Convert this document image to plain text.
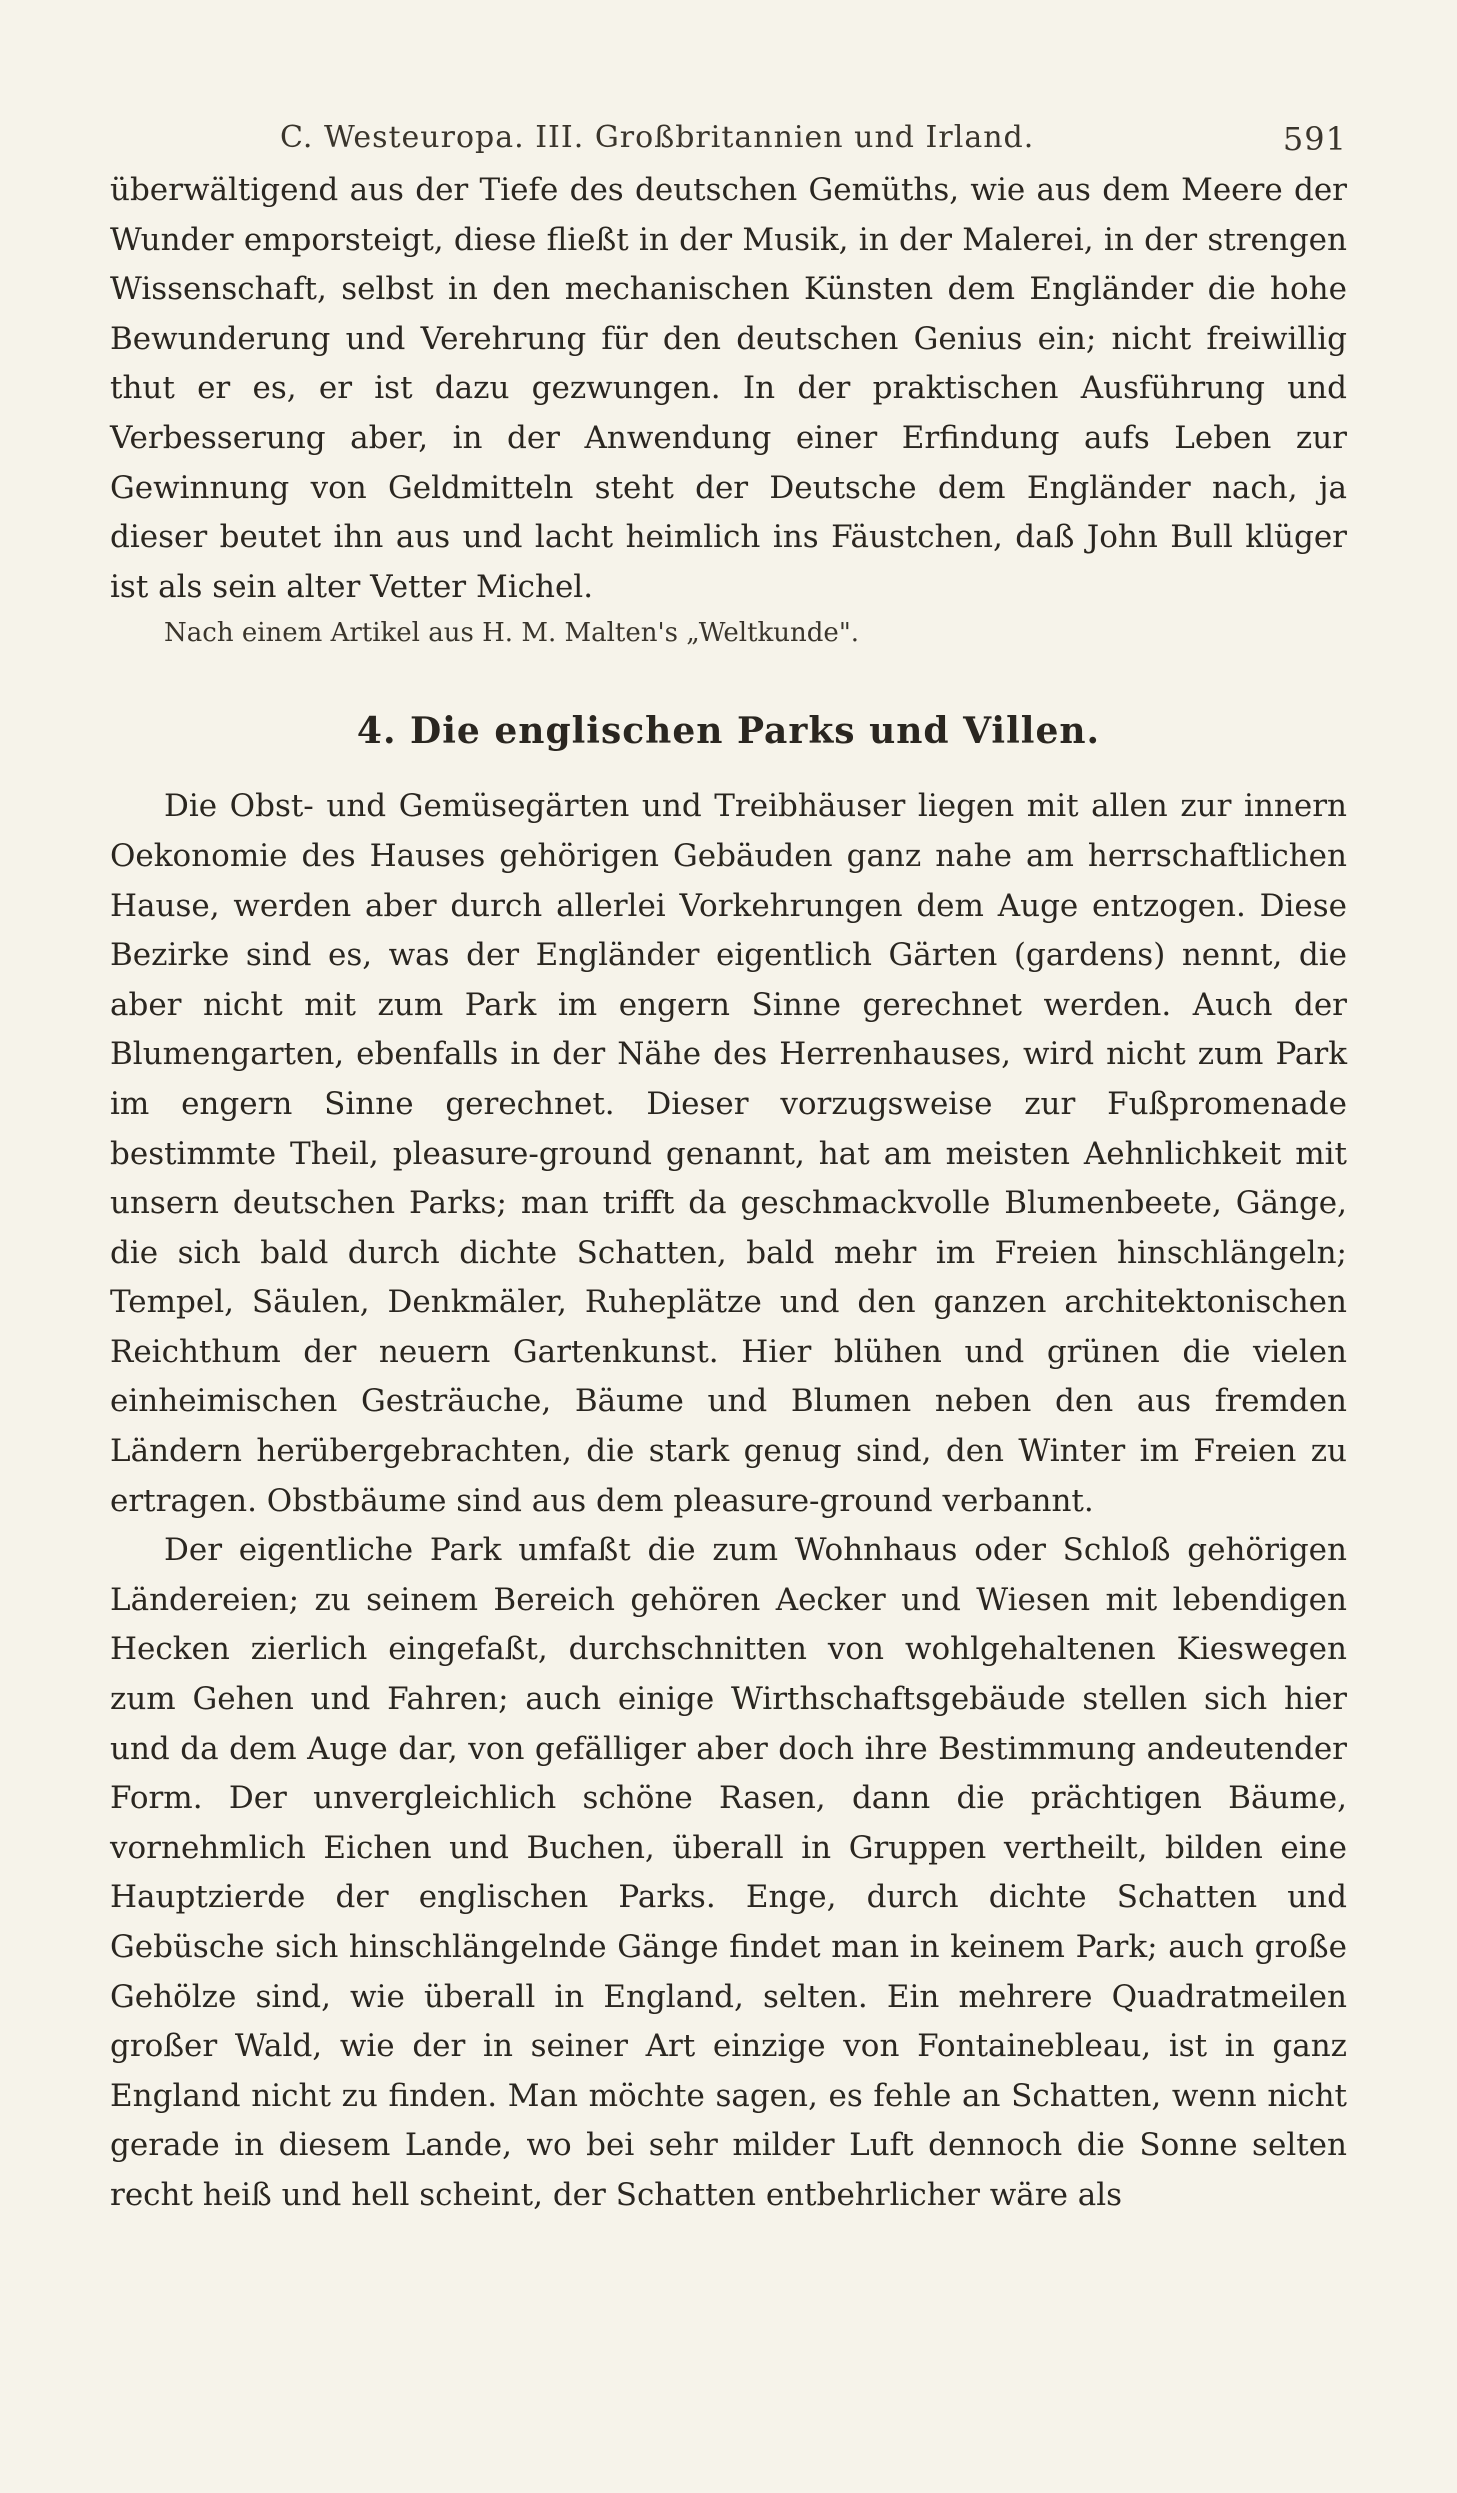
C. Westeuropa. III. Großbritannien und Irland.	591

überwältigend aus der Tiefe des deutschen Gemüths, wie aus dem Meere der Wunder emporsteigt, diese fließt in der Musik, in der Malerei, in der strengen Wissenschaft, selbst in den mechanischen Künsten dem Engländer die hohe Bewunderung und Verehrung für den deutschen Genius ein; nicht freiwillig thut er es, er ist dazu gezwungen. In der praktischen Ausführung und Verbesserung aber, in der Anwendung einer Erfindung aufs Leben zur Gewinnung von Geldmitteln steht der Deutsche dem Engländer nach, ja dieser beutet ihn aus und lacht heimlich ins Fäustchen, daß John Bull klüger ist als sein alter Vetter Michel.

Nach einem Artikel aus H. M. Malten's „Weltkunde".
4. Die englischen Parks und Villen.

Die Obst- und Gemüsegärten und Treibhäuser liegen mit allen zur innern Oekonomie des Hauses gehörigen Gebäuden ganz nahe am herrschaftlichen Hause, werden aber durch allerlei Vorkehrungen dem Auge entzogen. Diese Bezirke sind es, was der Engländer eigentlich Gärten (gardens) nennt, die aber nicht mit zum Park im engern Sinne gerechnet werden. Auch der Blumengarten, ebenfalls in der Nähe des Herrenhauses, wird nicht zum Park im engern Sinne gerechnet. Dieser vorzugsweise zur Fußpromenade bestimmte Theil, pleasure-ground genannt, hat am meisten Aehnlichkeit mit unsern deutschen Parks; man trifft da geschmackvolle Blumenbeete, Gänge, die sich bald durch dichte Schatten, bald mehr im Freien hinschlängeln; Tempel, Säulen, Denkmäler, Ruheplätze und den ganzen architektonischen Reichthum der neuern Gartenkunst. Hier blühen und grünen die vielen einheimischen Gesträuche, Bäume und Blumen neben den aus fremden Ländern herübergebrachten, die stark genug sind, den Winter im Freien zu ertragen. Obstbäume sind aus dem pleasure-ground verbannt.

Der eigentliche Park umfaßt die zum Wohnhaus oder Schloß gehörigen Ländereien; zu seinem Bereich gehören Aecker und Wiesen mit lebendigen Hecken zierlich eingefaßt, durchschnitten von wohlgehaltenen Kieswegen zum Gehen und Fahren; auch einige Wirthschaftsgebäude stellen sich hier und da dem Auge dar, von gefälliger aber doch ihre Bestimmung andeutender Form. Der unvergleichlich schöne Rasen, dann die prächtigen Bäume, vornehmlich Eichen und Buchen, überall in Gruppen vertheilt, bilden eine Hauptzierde der englischen Parks. Enge, durch dichte Schatten und Gebüsche sich hinschlängelnde Gänge findet man in keinem Park; auch große Gehölze sind, wie überall in England, selten. Ein mehrere Quadratmeilen großer Wald, wie der in seiner Art einzige von Fontainebleau, ist in ganz England nicht zu finden. Man möchte sagen, es fehle an Schatten, wenn nicht gerade in diesem Lande, wo bei sehr milder Luft dennoch die Sonne selten recht heiß und hell scheint, der Schatten entbehrlicher wäre als
